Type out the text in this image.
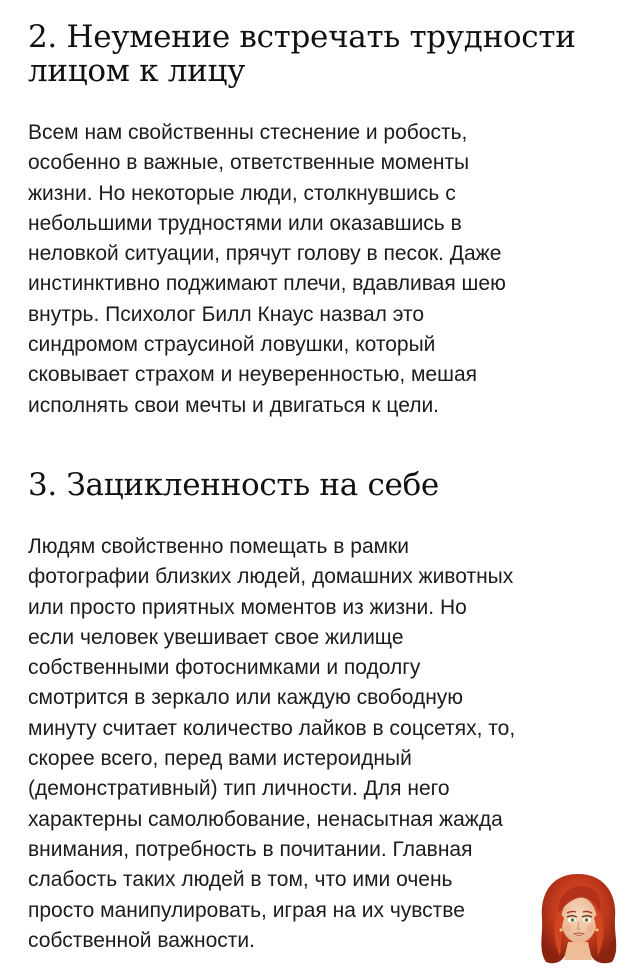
2. Неумение встречать трудности
лицом к лицу

Всем нам свойственны стеснение и робость,
особенно в важные, ответственные моменты
жизни. Но некоторые люди, столкнувшись с
небольшими трудностями или оказавшись в
неловкой ситуации, прячут голову в песок. Даже
инстинктивно поджимают плечи, вдавливая шею
внутрь. Психолог Билл Кнаус назвал это
синдромом страусиной ловушки, который
сковывает страхом и неуверенностью, мешая
исполнять свои мечты и двигаться к цели.

3. Зацикленность на себе

Людям свойственно помещать в рамки
фотографии близких людей, домашних животных
или просто приятных моментов из жизни. Но
если человек увешивает свое жилище
собственными фотоснимками и подолгу
смотрится в зеркало или каждую свободную
минуту считает количество лайков в соцсетях, то,
скорее всего, перед вами истероидный
(демонстративный) тип личности. Для него
характерны самолюбование, ненасытная жажда
внимания, потребность в почитании. Главная
слабость таких людей в том, что ими очень
просто манипулировать, играя на их чувстве
собственной важности.
